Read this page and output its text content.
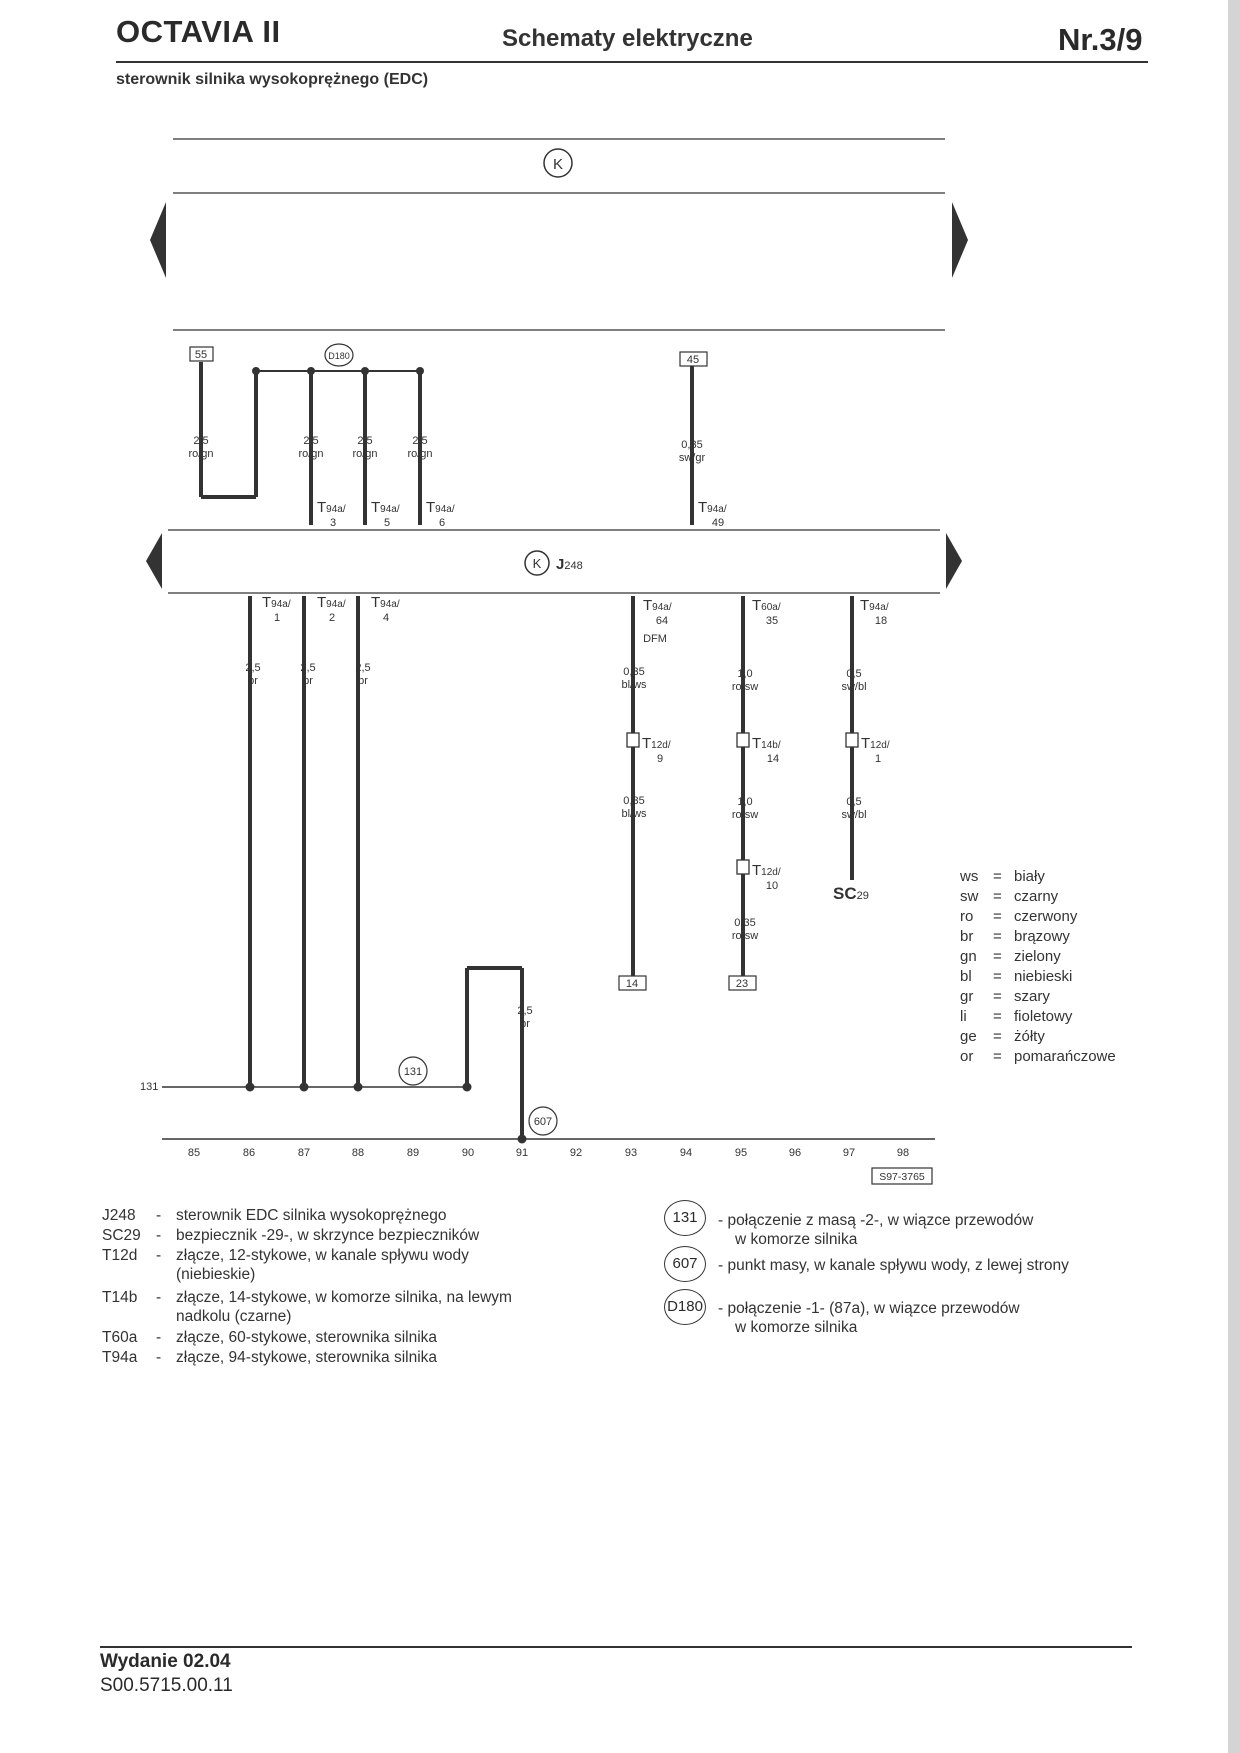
OCTAVIA II	Schematy elektryczne	Nr.3/9
sterownik silnika wysokoprężnego (EDC)
K
D180
55	45
2,5
ro/gn
2,5
ro/gn
2,5
ro/gn
2,5
ro/gn
0,35
sw/gr
T94a/
3
T94a/
5
T94a/
6
T94a/
49
K J248
T94a/
1
T94a/
2
T94a/
4
T94a/
64
DFM
T60a/
35
T94a/
18
131
131
607
T12d/
9
T14b/
14
T12d/
1
T12d/
10
2,5
br
2,5
br
2,5
br
0,35
bl/ws
1,0
ro/sw
0,5
sw/bl
0,35
bl/ws
1,0
ro/sw
0,5
sw/bl
0,35
ro/sw
2,5
br
14	23
SC29
85	86	87	88	89	90	91	92	93	94	95	96	97	98
S97-3765
ws = biały
sw = czarny
ro = czerwony
br = brązowy
gn = zielony
bl = niebieski
gr = szary
li = fioletowy
ge = żółty
or = pomarańczowe
J248 - sterownik EDC silnika wysokoprężnego
SC29 - bezpiecznik -29-, w skrzynce bezpieczników
T12d - złącze, 12-stykowe, w kanale spływu wody
(niebieskie)
T14b - złącze, 14-stykowe, w komorze silnika, na lewym
nadkolu (czarne)
T60a - złącze, 60-stykowe, sterownika silnika
T94a - złącze, 94-stykowe, sterownika silnika
131	- połączenie z masą -2-, w wiązce przewodów
w komorze silnika
607	- punkt masy, w kanale spływu wody, z lewej strony
D180 - połączenie -1- (87a), w wiązce przewodów
w komorze silnika
Wydanie 02.04
S00.5715.00.11
